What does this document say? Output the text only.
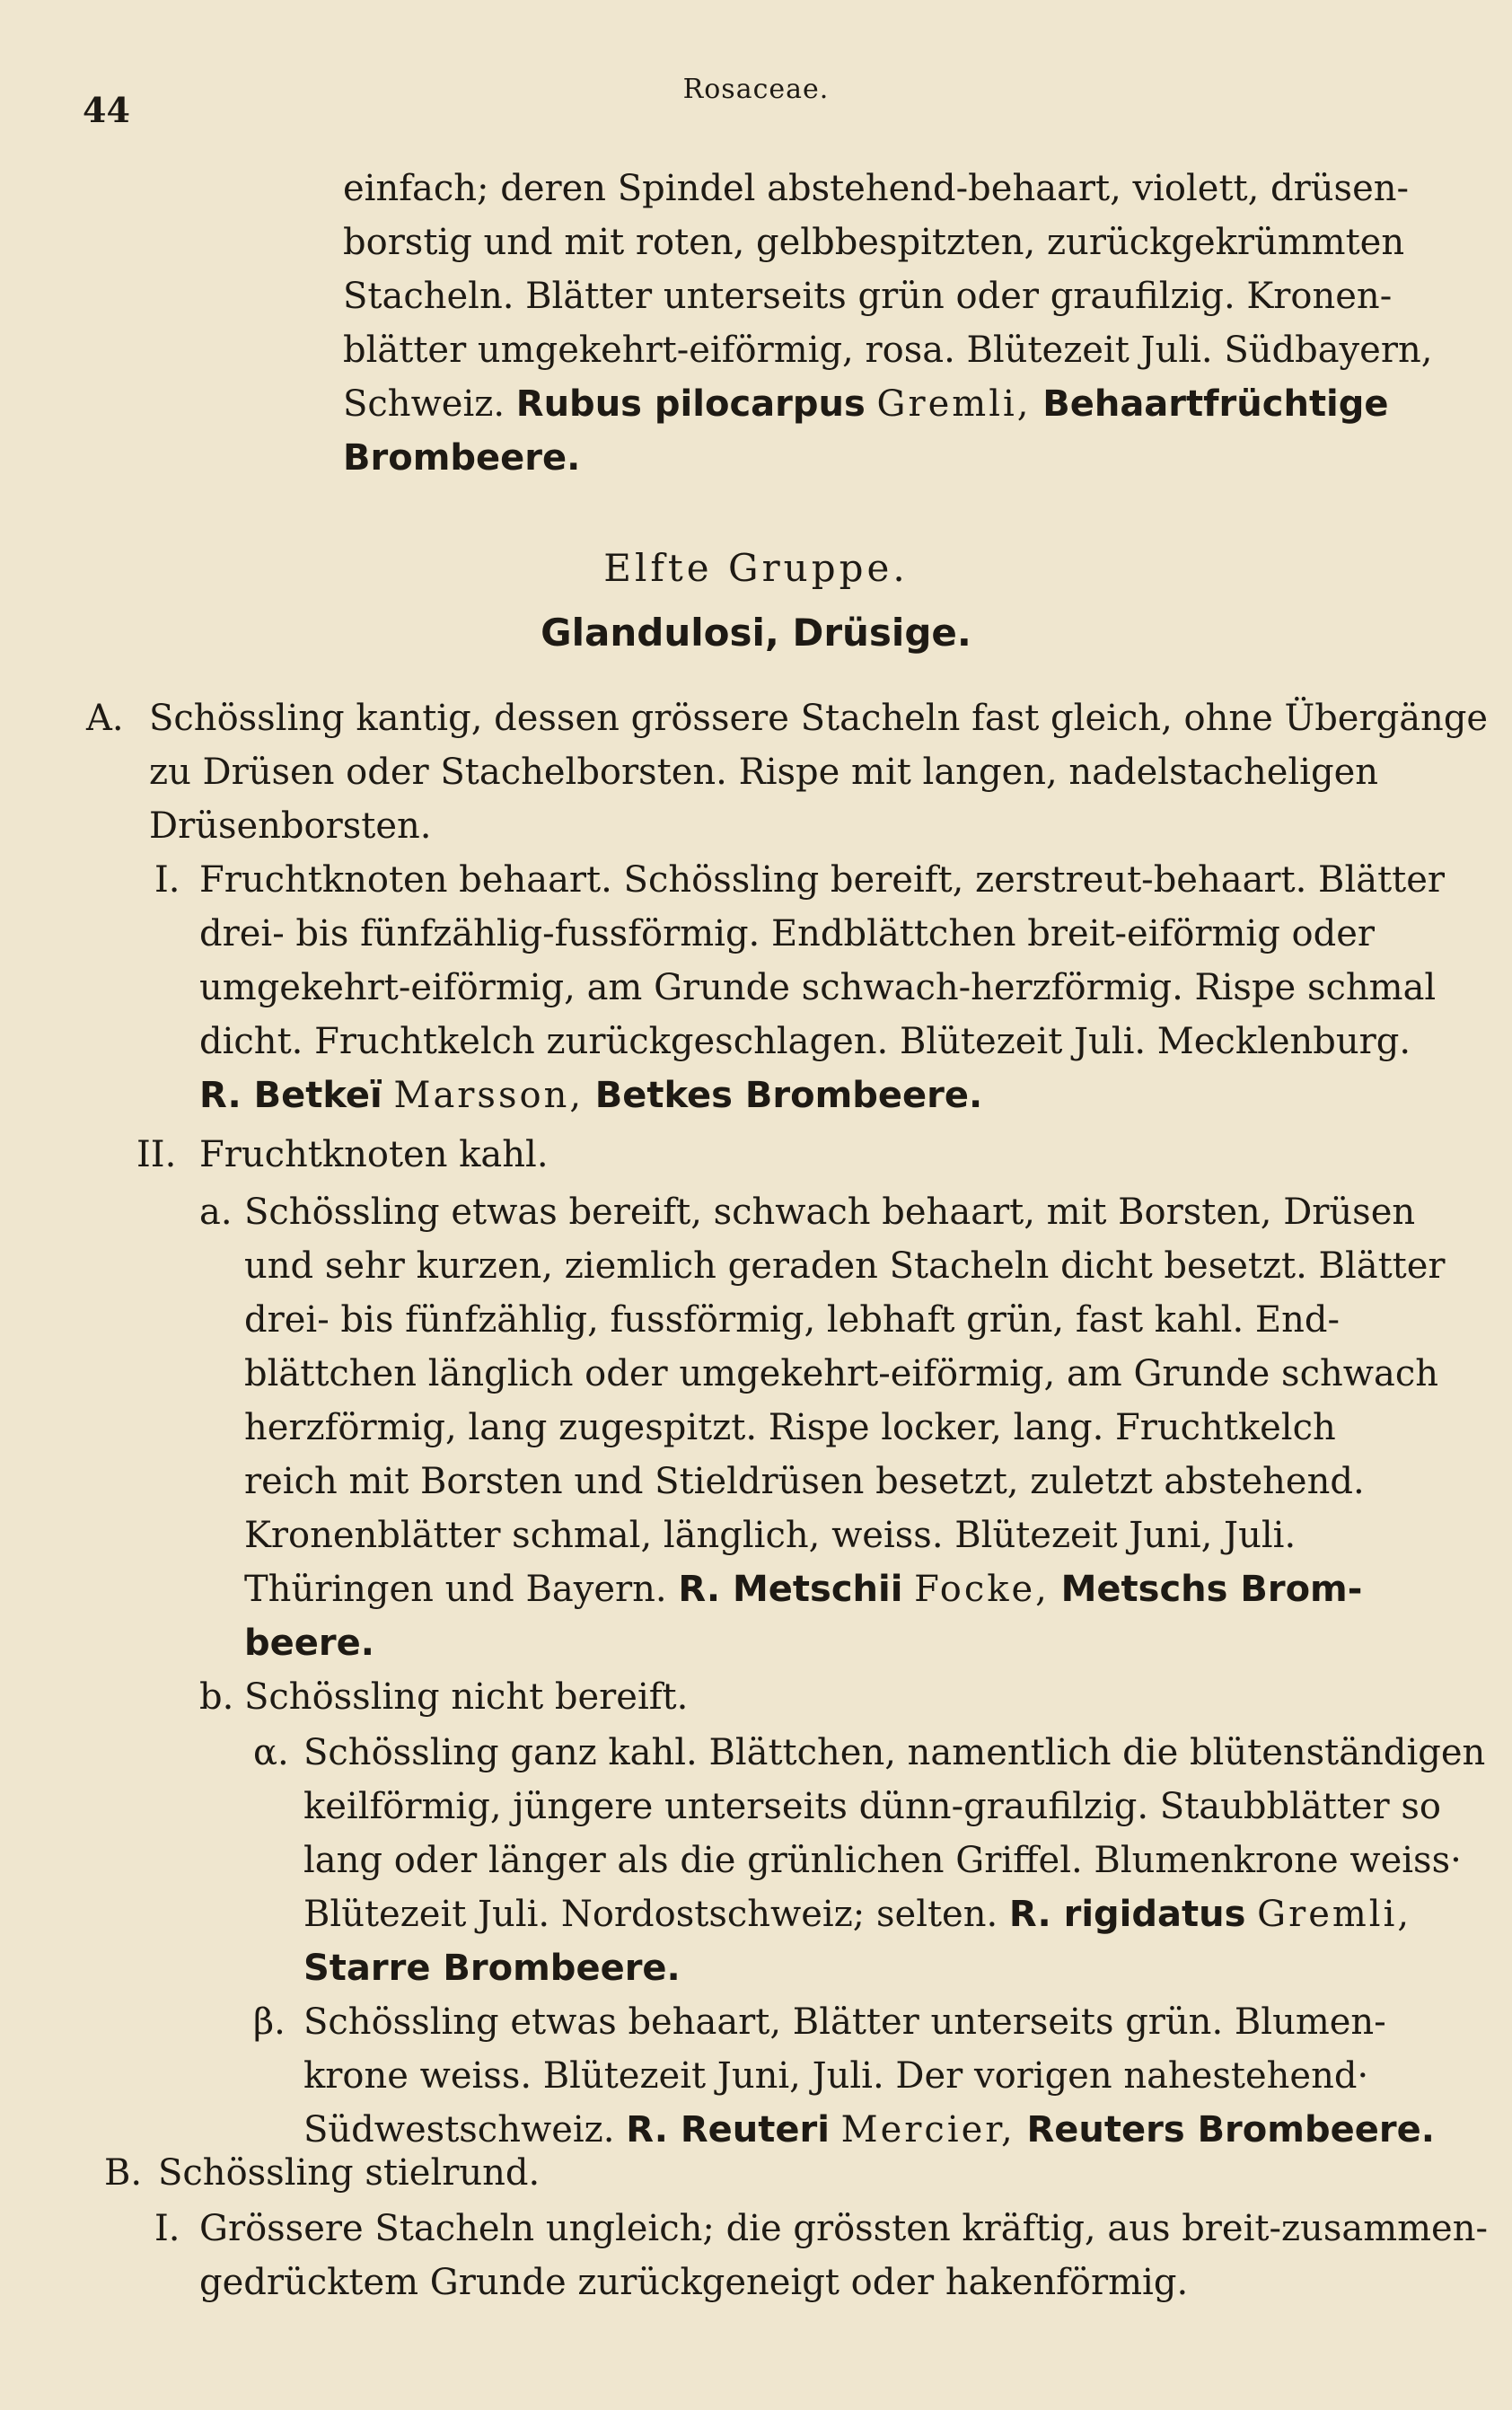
44
Rosaceae.
einfach; deren Spindel abstehend-behaart, violett, drüsen-
borstig und mit roten, gelbbespitzten, zurückgekrümmten
Stacheln. Blätter unterseits grün oder graufilzig. Kronen-
blätter umgekehrt-eiförmig, rosa. Blütezeit Juli. Südbayern,
Schweiz. Rubus pilocarpus Gremli, Behaartfrüchtige
Brombeere.
Elfte Gruppe.
Glandulosi, Drüsige.
A. Schössling kantig, dessen grössere Stacheln fast gleich, ohne Übergänge
zu Drüsen oder Stachelborsten. Rispe mit langen, nadelstacheligen
Drüsenborsten.
I. Fruchtknoten behaart. Schössling bereift, zerstreut-behaart. Blätter
drei- bis fünfzählig-fussförmig. Endblättchen breit-eiförmig oder
umgekehrt-eiförmig, am Grunde schwach-herzförmig. Rispe schmal
dicht. Fruchtkelch zurückgeschlagen. Blütezeit Juli. Mecklenburg.
R. Betkeï Marsson, Betkes Brombeere.
II. Fruchtknoten kahl.
a. Schössling etwas bereift, schwach behaart, mit Borsten, Drüsen
und sehr kurzen, ziemlich geraden Stacheln dicht besetzt. Blätter
drei- bis fünfzählig, fussförmig, lebhaft grün, fast kahl. End-
blättchen länglich oder umgekehrt-eiförmig, am Grunde schwach
herzförmig, lang zugespitzt. Rispe locker, lang. Fruchtkelch
reich mit Borsten und Stieldrüsen besetzt, zuletzt abstehend.
Kronenblätter schmal, länglich, weiss. Blütezeit Juni, Juli.
Thüringen und Bayern. R. Metschii Focke, Metschs Brom-
beere.
b. Schössling nicht bereift.
α. Schössling ganz kahl. Blättchen, namentlich die blütenständigen
keilförmig, jüngere unterseits dünn-graufilzig. Staubblätter so
lang oder länger als die grünlichen Griffel. Blumenkrone weiss·
Blütezeit Juli. Nordostschweiz; selten. R. rigidatus Gremli,
Starre Brombeere.
β. Schössling etwas behaart, Blätter unterseits grün. Blumen-
krone weiss. Blütezeit Juni, Juli. Der vorigen nahestehend·
Südwestschweiz. R. Reuteri Mercier, Reuters Brombeere.
B. Schössling stielrund.
I. Grössere Stacheln ungleich; die grössten kräftig, aus breit-zusammen-
gedrücktem Grunde zurückgeneigt oder hakenförmig.
